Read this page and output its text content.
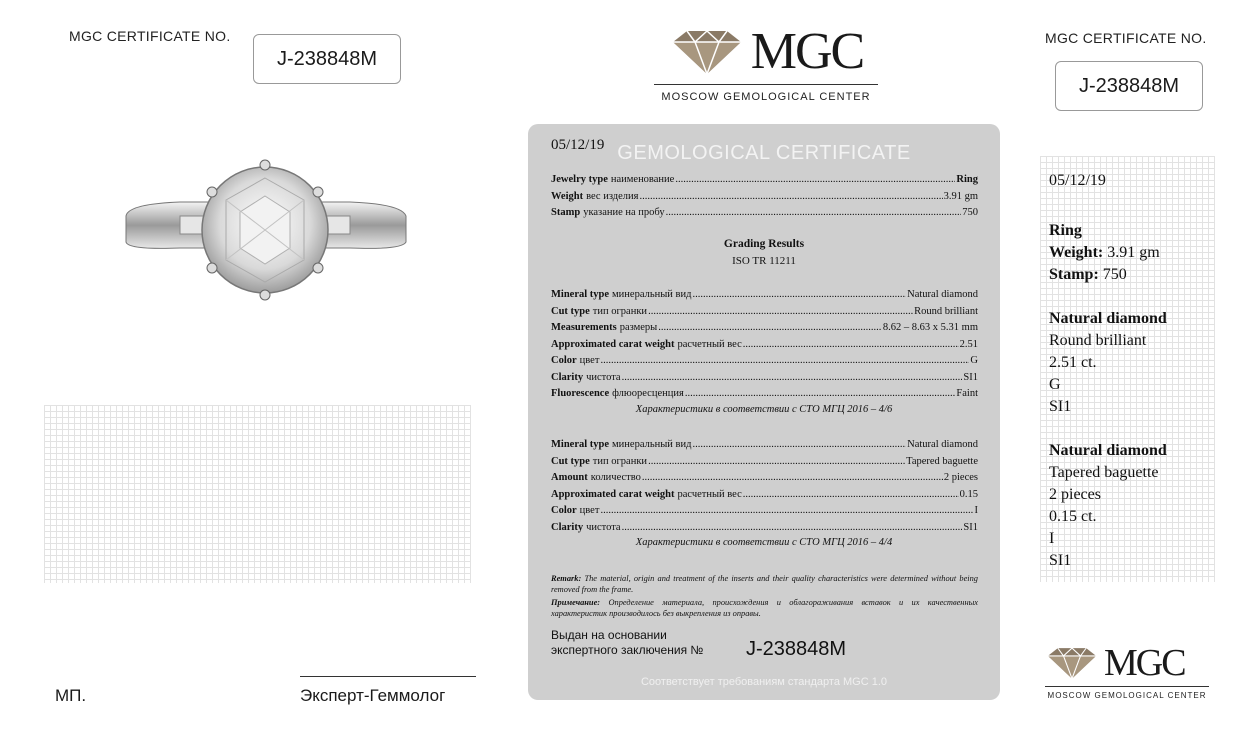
MGC CERTIFICATE NO.
J-238848M	MGC
MOSCOW GEMOLOGICAL CENTER
MGC CERTIFICATE NO.
J-238848M
МП.	Эксперт-Геммолог
05/12/19 GEMOLOGICAL CERTIFICATE
Jewelry type наименование .....	Ring
Weight вес изделия .....	3.91 gm
Stamp указание на пробу .....	750
Grading Results
ISO TR 11211
Mineral type минеральный вид .....	Natural diamond
Cut type тип огранки .....	Round brilliant
Measurements размеры .....	8.62 – 8.63 x 5.31 mm
Approximated carat weight расчетный вес .....	2.51
Color цвет .....	G
Clarity чистота .....	SI1
Fluorescence флюоресценция .....	Faint
Характеристики в соответствии с СТО МГЦ 2016 – 4/6
Mineral type минеральный вид .....	Natural diamond
Cut type тип огранки .....	Tapered baguette
Amount количество .....	2 pieces
Approximated carat weight расчетный вес .....	0.15
Color цвет .....	I
Clarity чистота .....	SI1
Характеристики в соответствии с СТО МГЦ 2016 – 4/4
Remark: The material, origin and treatment of the inserts and their quality characteristics were determined without being removed from the frame.
Примечание: Определение материала, происхождения и облагораживания вставок и их качественных характеристик производилось без выкрепления из оправы.
Выдан на основании
экспертного заключения № J-238848M
Соответствует требованиям стандарта MGC 1.0
05/12/19
Ring
Weight: 3.91 gm
Stamp: 750
Natural diamond
Round brilliant
2.51 ct.
G
SI1
Natural diamond
Tapered baguette
2 pieces
0.15 ct.
I
SI1
MGC
MOSCOW GEMOLOGICAL CENTER
